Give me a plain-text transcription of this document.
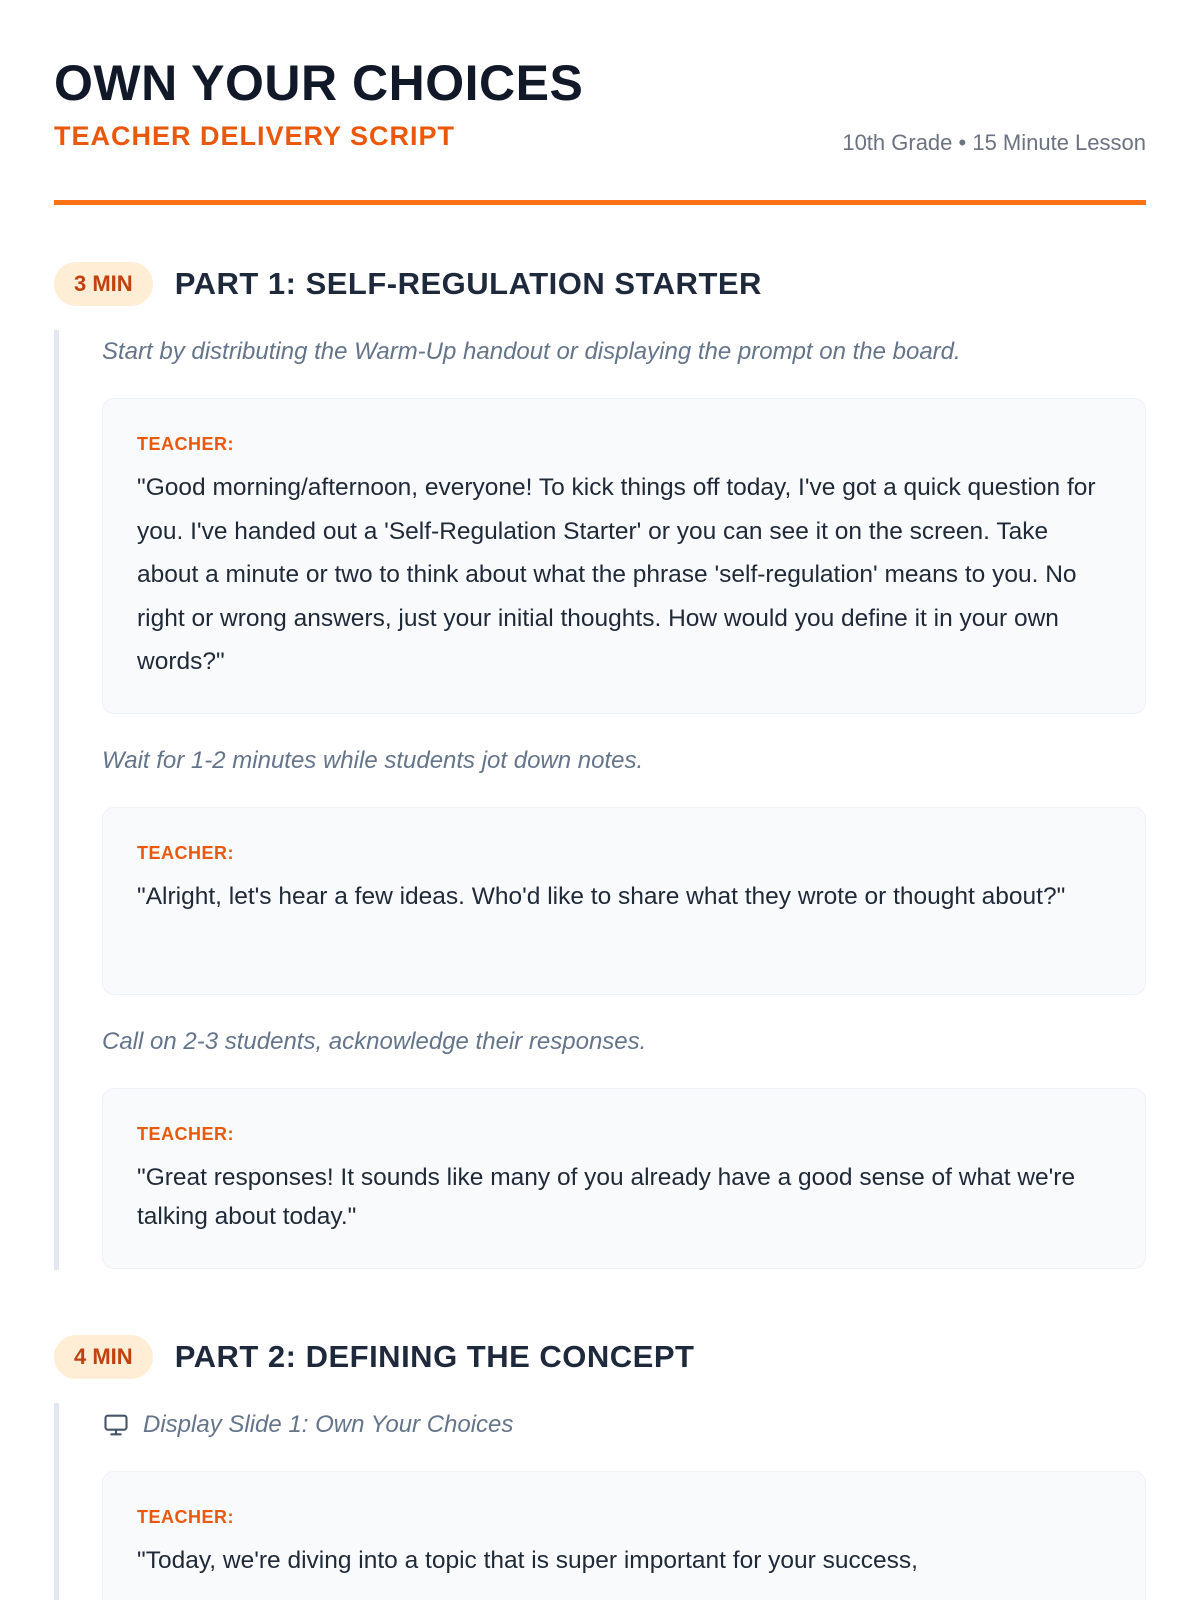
OWN YOUR CHOICES
TEACHER DELIVERY SCRIPT	10th Grade • 15 Minute Lesson
3 MIN	PART 1: SELF-REGULATION STARTER
Start by distributing the Warm-Up handout or displaying the prompt on the board.
TEACHER:
"Good morning/afternoon, everyone! To kick things off today, I've got a quick question for you. I've handed out a 'Self-Regulation Starter' or you can see it on the screen. Take about a minute or two to think about what the phrase 'self-regulation' means to you. No right or wrong answers, just your initial thoughts. How would you define it in your own words?"
Wait for 1-2 minutes while students jot down notes.
TEACHER:
"Alright, let's hear a few ideas. Who'd like to share what they wrote or thought about?"
Call on 2-3 students, acknowledge their responses.
TEACHER:
"Great responses! It sounds like many of you already have a good sense of what we're talking about today."
4 MIN	PART 2: DEFINING THE CONCEPT
Display Slide 1: Own Your Choices
TEACHER:
"Today, we're diving into a topic that is super important for your success,
